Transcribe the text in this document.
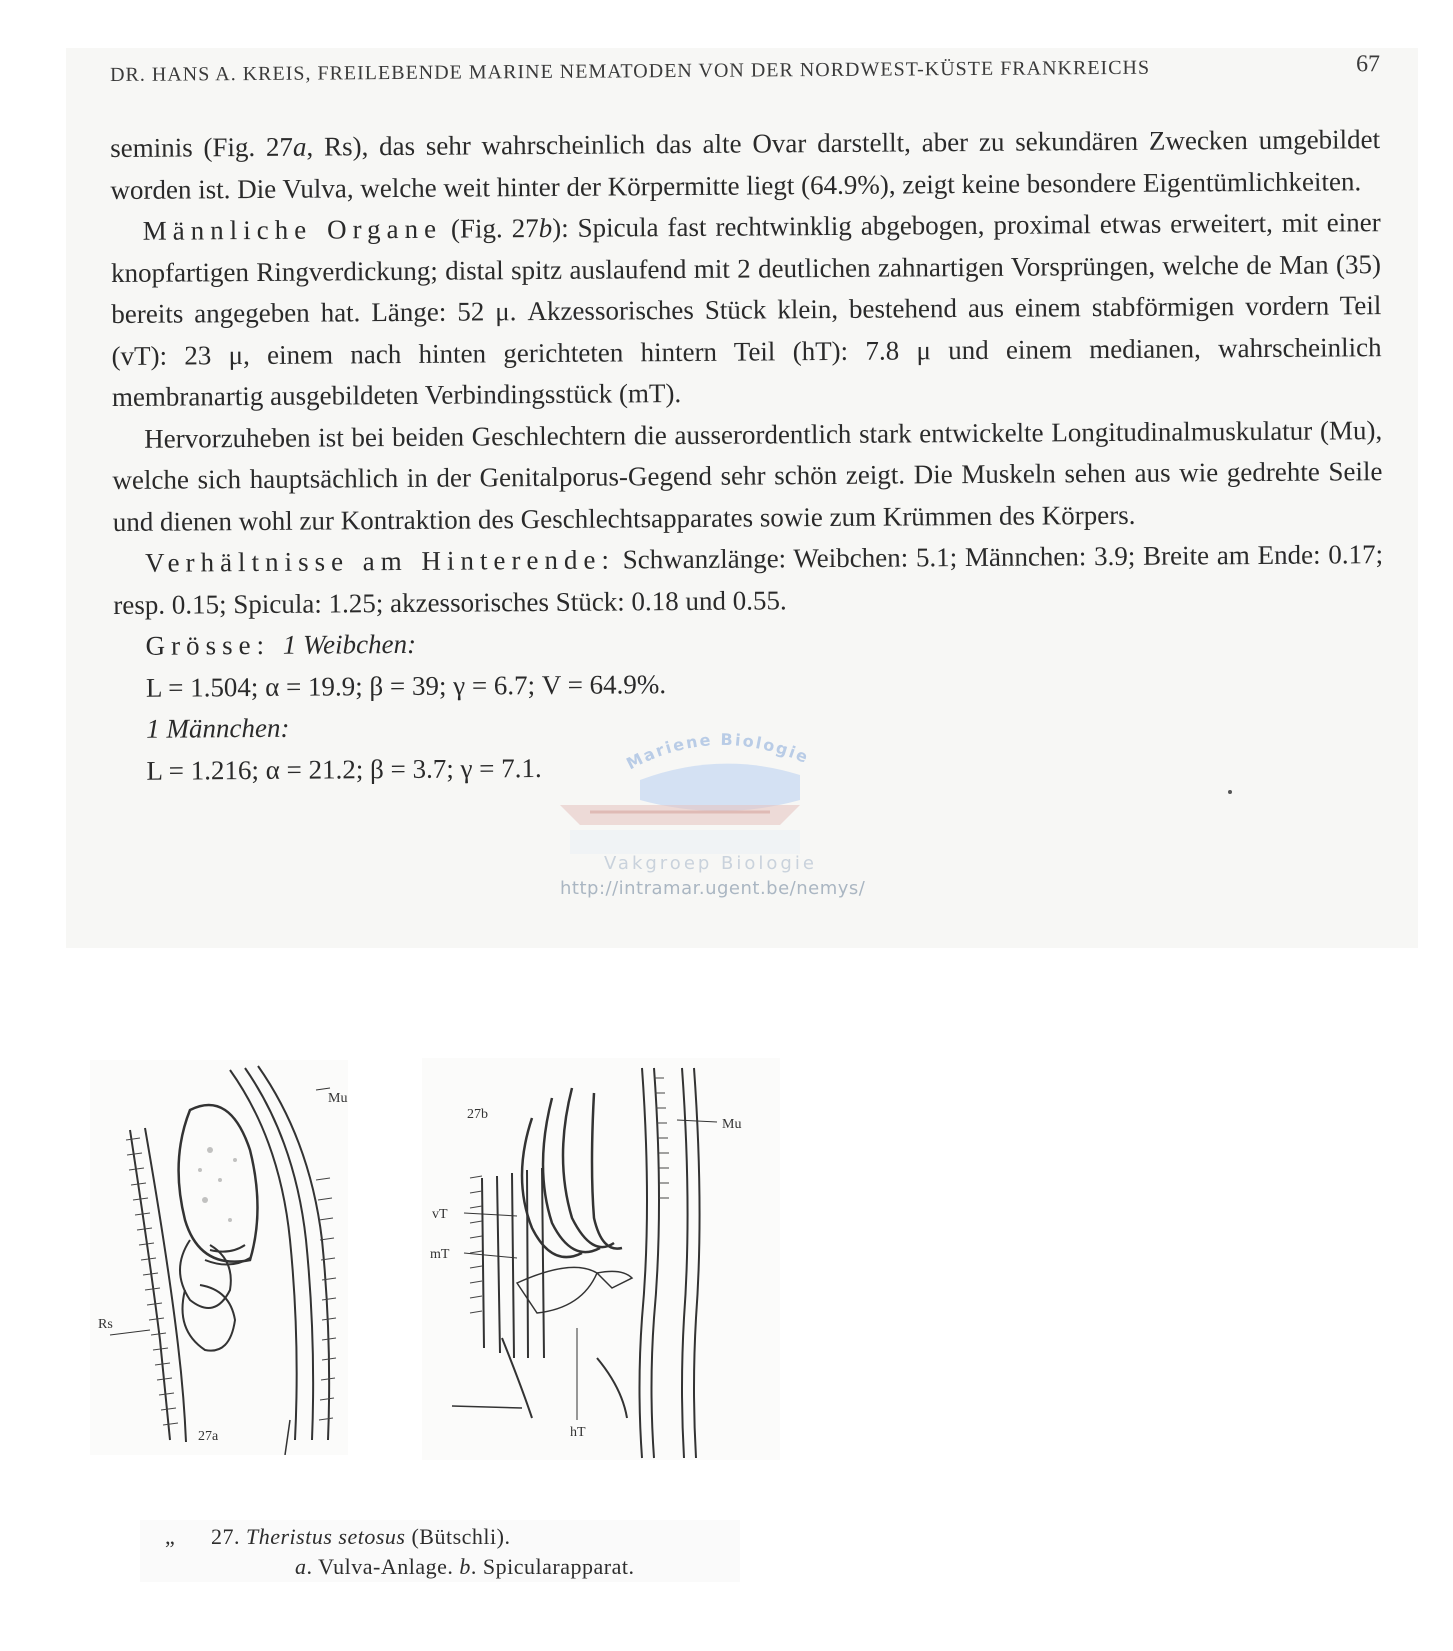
DR. HANS A. KREIS, FREILEBENDE MARINE NEMATODEN VON DER NORDWEST-KÜSTE FRANKREICHS	67

seminis (Fig. 27a, Rs), das sehr wahrscheinlich das alte Ovar darstellt, aber zu sekundären Zwecken umgebildet worden ist. Die Vulva, welche weit hinter der Körpermitte liegt (64.9%), zeigt keine besondere Eigentümlichkeiten.

Männliche Organe (Fig. 27b): Spicula fast rechtwinklig abgebogen, proximal etwas erweitert, mit einer knopfartigen Ringverdickung; distal spitz auslaufend mit 2 deutlichen zahnartigen Vorsprüngen, welche de Man (35) bereits angegeben hat. Länge: 52 μ. Akzessorisches Stück klein, bestehend aus einem stabförmigen vordern Teil (vT): 23 μ, einem nach hinten gerichteten hintern Teil (hT): 7.8 μ und einem medianen, wahrscheinlich membranartig ausgebildeten Verbindingsstück (mT).

Hervorzuheben ist bei beiden Geschlechtern die ausserordentlich stark entwickelte Longitudinalmuskulatur (Mu), welche sich hauptsächlich in der Genitalporus-Gegend sehr schön zeigt. Die Muskeln sehen aus wie gedrehte Seile und dienen wohl zur Kontraktion des Geschlechtsapparates sowie zum Krümmen des Körpers.

Verhältnisse am Hinterende: Schwanzlänge: Weibchen: 5.1; Männchen: 3.9; Breite am Ende: 0.17; resp. 0.15; Spicula: 1.25; akzessorisches Stück: 0.18 und 0.55.

Grösse: 1 Weibchen:
L = 1.504; α = 19.9; β = 39; γ = 6.7; V = 64.9%.
1 Männchen:
L = 1.216; α = 21.2; β = 3.7; γ = 7.1.	Mariene Biologie
Vakgroep Biologie
http://intramar.ugent.be/nemys/
Mu
Rs
27a
27b
Mu
vT
mT
hT
„ 27. Theristus setosus (Bütschli).
a. Vulva-Anlage. b. Spicularapparat.
